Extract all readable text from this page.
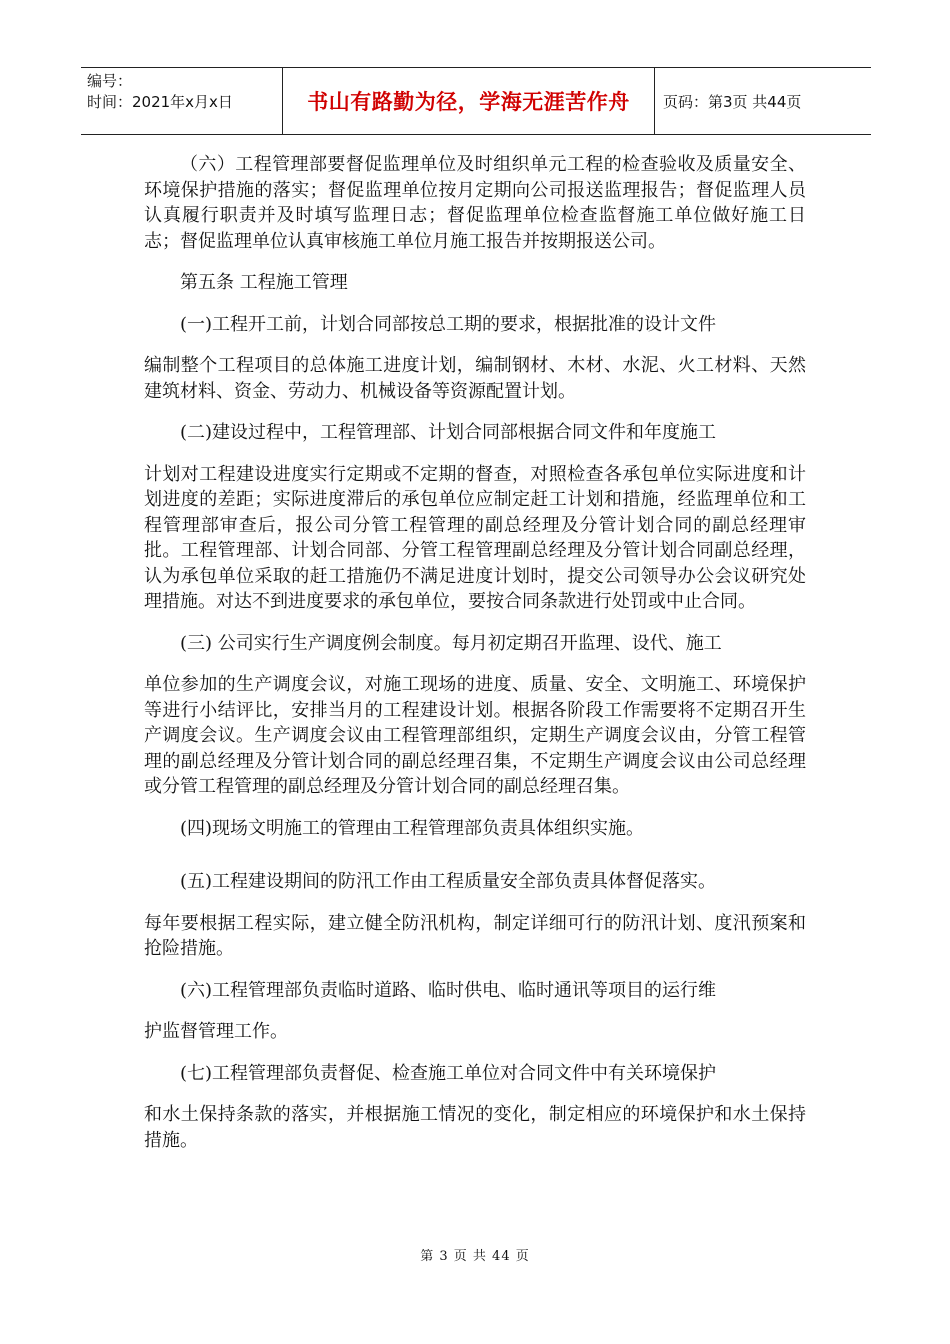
编号：
时间：2021年x月x日	书山有路勤为径，学海无涯苦作舟 页码：第3页 共44页

（六）工程管理部要督促监理单位及时组织单元工程的检查验收及质量安全、环境保护措施的落实；督促监理单位按月定期向公司报送监理报告；督促监理人员认真履行职责并及时填写监理日志；督促监理单位检查监督施工单位做好施工日志；督促监理单位认真审核施工单位月施工报告并按期报送公司。

第五条 工程施工管理

(一)工程开工前，计划合同部按总工期的要求，根据批准的设计文件

编制整个工程项目的总体施工进度计划，编制钢材、木材、水泥、火工材料、天然建筑材料、资金、劳动力、机械设备等资源配置计划。

(二)建设过程中，工程管理部、计划合同部根据合同文件和年度施工

计划对工程建设进度实行定期或不定期的督查，对照检查各承包单位实际进度和计划进度的差距；实际进度滞后的承包单位应制定赶工计划和措施，经监理单位和工程管理部审查后，报公司分管工程管理的副总经理及分管计划合同的副总经理审批。工程管理部、计划合同部、分管工程管理副总经理及分管计划合同副总经理，认为承包单位采取的赶工措施仍不满足进度计划时，提交公司领导办公会议研究处理措施。对达不到进度要求的承包单位，要按合同条款进行处罚或中止合同。

(三) 公司实行生产调度例会制度。每月初定期召开监理、设代、施工

单位参加的生产调度会议，对施工现场的进度、质量、安全、文明施工、环境保护等进行小结评比，安排当月的工程建设计划。根据各阶段工作需要将不定期召开生产调度会议。生产调度会议由工程管理部组织，定期生产调度会议由，分管工程管理的副总经理及分管计划合同的副总经理召集，不定期生产调度会议由公司总经理或分管工程管理的副总经理及分管计划合同的副总经理召集。

(四)现场文明施工的管理由工程管理部负责具体组织实施。

(五)工程建设期间的防汛工作由工程质量安全部负责具体督促落实。

每年要根据工程实际，建立健全防汛机构，制定详细可行的防汛计划、度汛预案和抢险措施。

(六)工程管理部负责临时道路、临时供电、临时通讯等项目的运行维

护监督管理工作。

(七)工程管理部负责督促、检查施工单位对合同文件中有关环境保护

和水土保持条款的落实，并根据施工情况的变化，制定相应的环境保护和水土保持措施。

第 3 页 共 44 页
